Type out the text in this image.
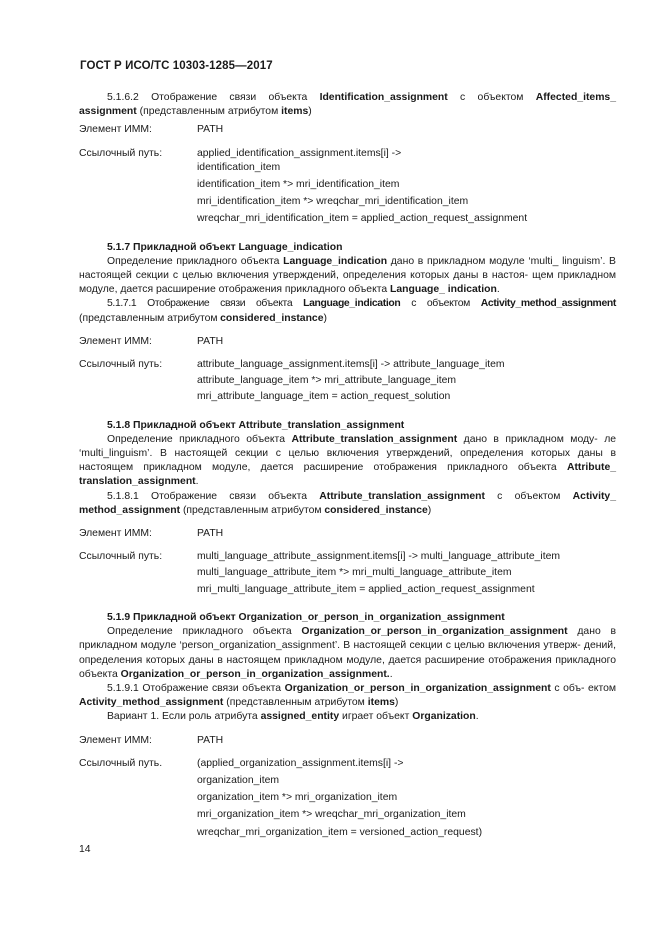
ГОСТ Р ИСО/ТС 10303-1285—2017

5.1.6.2 Отображение связи объекта Identification_assignment с объектом Affected_items_

assignment (представленным атрибутом items)

Элемент ИММ:	PATH
Ссылочный путь:	applied_identification_assignment.items[i] ->
identification_item
identification_item *> mri_identification_item
mri_identification_item *> wreqchar_mri_identification_item
wreqchar_mri_identification_item = applied_action_request_assignment

5.1.7 Прикладной объект Language_indication

Определение прикладного объекта Language_indication дано в прикладном модуле ‘multi_ linguism’. В настоящей секции с целью включения утверждений, определения которых даны в настоя- щем прикладном модуле, дается расширение отображения прикладного объекта Language_ indication.

5.1.7.1 Отображение связи объекта Language_indication с объектом Activity_method_assignment (представленным атрибутом considered_instance)

Элемент ИММ:	PATH
Ссылочный путь:	attribute_language_assignment.items[i] -> attribute_language_item
attribute_language_item *> mri_attribute_language_item
mri_attribute_language_item = action_request_solution

5.1.8 Прикладной объект Attribute_translation_assignment

Определение прикладного объекта Attribute_translation_assignment дано в прикладном моду- ле ‘multi_linguism’. В настоящей секции с целью включения утверждений, определения которых даны в настоящем прикладном модуле, дается расширение отображения прикладного объекта Attribute_ translation_assignment.

5.1.8.1 Отображение связи объекта Attribute_translation_assignment с объектом Activity_ method_assignment (представленным атрибутом considered_instance)

Элемент ИММ:	PATH
Ссылочный путь:	multi_language_attribute_assignment.items[i] -> multi_language_attribute_item
multi_language_attribute_item *> mri_multi_language_attribute_item
mri_multi_language_attribute_item = applied_action_request_assignment

5.1.9 Прикладной объект Organization_or_person_in_organization_assignment

Определение прикладного объекта Organization_or_person_in_organization_assignment дано в прикладном модуле ‘person_organization_assignment’. В настоящей секции с целью включения утверж- дений, определения которых даны в настоящем прикладном модуле, дается расширение отображения прикладного объекта Organization_or_person_in_organization_assignment..

5.1.9.1 Отображение связи объекта Organization_or_person_in_organization_assignment с объ- ектом Activity_method_assignment (представленным атрибутом items)

Вариант 1. Если роль атрибута assigned_entity играет объект Organization.

Элемент ИММ:	PATH
Ссылочный путь.	(applied_organization_assignment.items[i] ->
organization_item
organization_item *> mri_organization_item
mri_organization_item *> wreqchar_mri_organization_item
wreqchar_mri_organization_item = versioned_action_request)
14
